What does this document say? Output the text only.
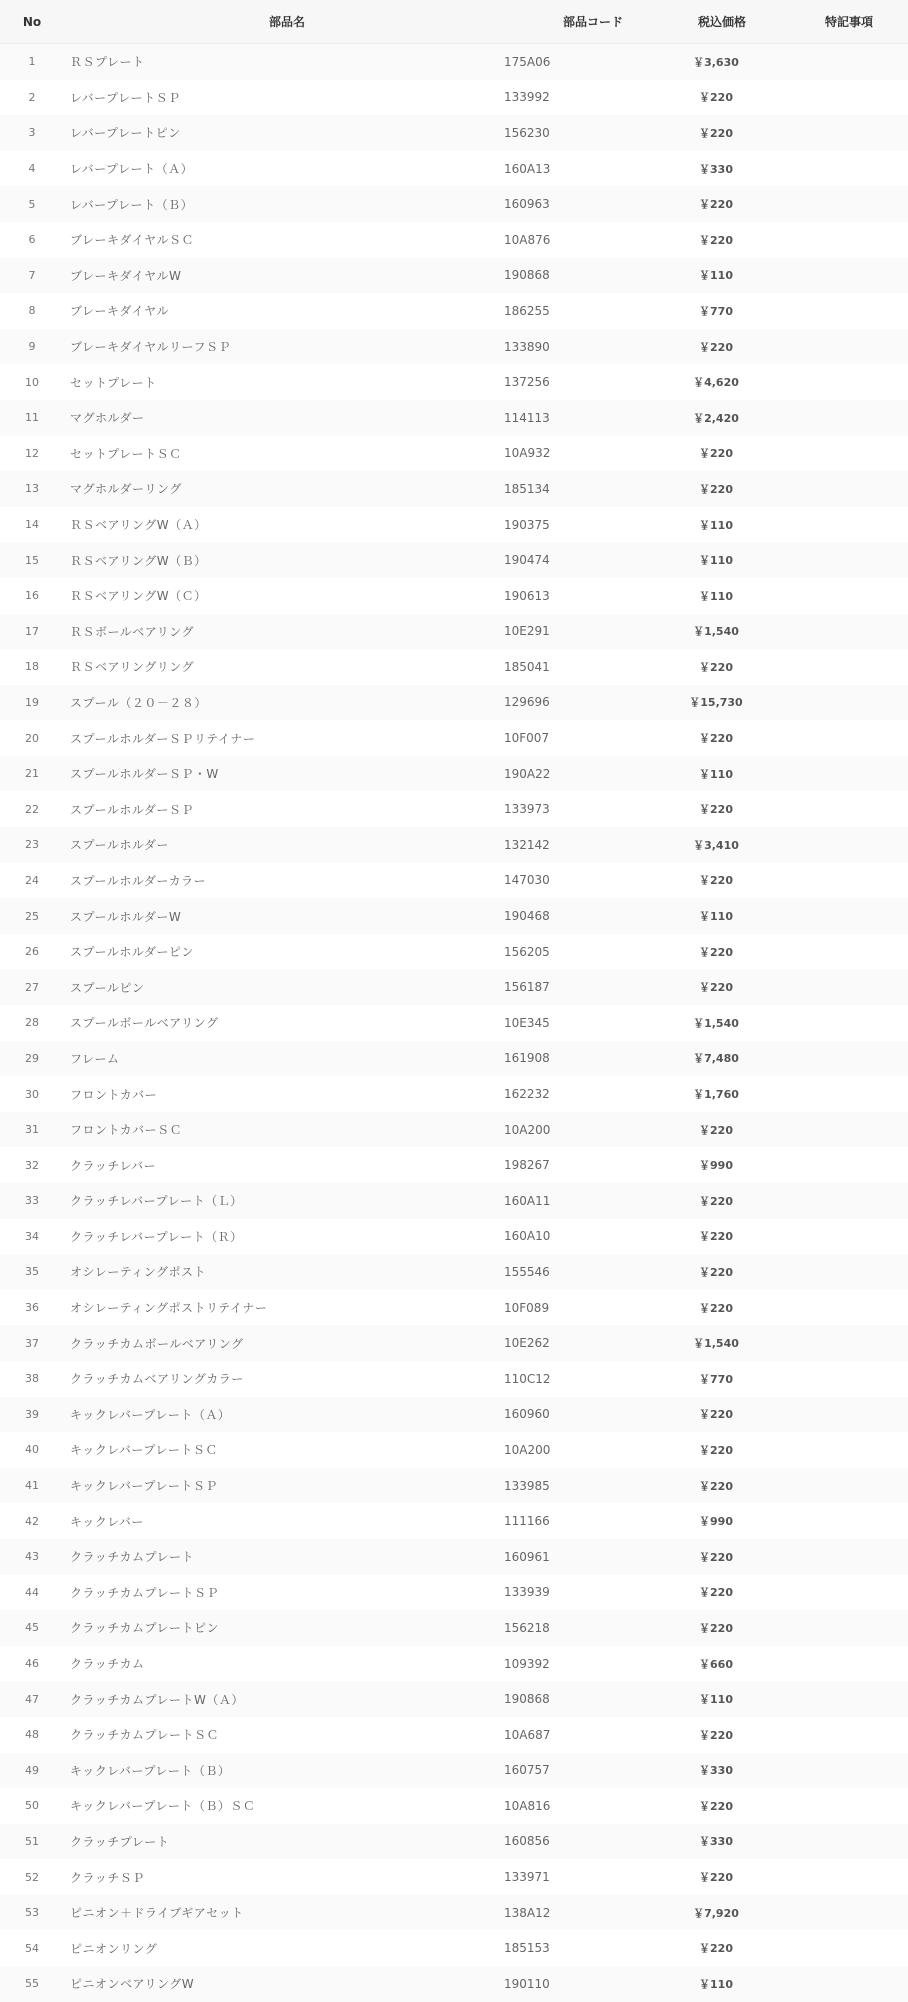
No	部品名	部品コード	税込価格	特記事項
1	ＲＳプレート	175A06	￥3,630
2	レバープレートＳＰ	133992	￥220
3	レバープレートピン	156230	￥220
4	レバープレート（Ａ）	160A13	￥330
5	レバープレート（Ｂ）	160963	￥220
6	ブレーキダイヤルＳＣ	10A876	￥220
7	ブレーキダイヤルW	190868	￥110
8	ブレーキダイヤル	186255	￥770
9	ブレーキダイヤルリーフＳＰ	133890	￥220
10	セットプレート	137256	￥4,620
11	マグホルダー	114113	￥2,420
12	セットプレートＳＣ	10A932	￥220
13	マグホルダーリング	185134	￥220
14	ＲＳベアリングW（Ａ）	190375	￥110
15	ＲＳベアリングW（Ｂ）	190474	￥110
16	ＲＳベアリングW（Ｃ）	190613	￥110
17	ＲＳボールベアリング	10E291	￥1,540
18	ＲＳベアリングリング	185041	￥220
19	スプール（２０－２８）	129696	￥15,730
20	スプールホルダーＳＰリテイナー	10F007	￥220
21	スプールホルダーＳＰ・W	190A22	￥110
22	スプールホルダーＳＰ	133973	￥220
23	スプールホルダー	132142	￥3,410
24	スプールホルダーカラー	147030	￥220
25	スプールホルダーW	190468	￥110
26	スプールホルダーピン	156205	￥220
27	スプールピン	156187	￥220
28	スプールボールベアリング	10E345	￥1,540
29	フレーム	161908	￥7,480
30	フロントカバー	162232	￥1,760
31	フロントカバーＳＣ	10A200	￥220
32	クラッチレバー	198267	￥990
33	クラッチレバープレート（Ｌ）	160A11	￥220
34	クラッチレバープレート（Ｒ）	160A10	￥220
35	オシレーティングポスト	155546	￥220
36	オシレーティングポストリテイナー	10F089	￥220
37	クラッチカムボールベアリング	10E262	￥1,540
38	クラッチカムベアリングカラー	110C12	￥770
39	キックレバープレート（Ａ）	160960	￥220
40	キックレバープレートＳＣ	10A200	￥220
41	キックレバープレートＳＰ	133985	￥220
42	キックレバー	111166	￥990
43	クラッチカムプレート	160961	￥220
44	クラッチカムプレートＳＰ	133939	￥220
45	クラッチカムプレートピン	156218	￥220
46	クラッチカム	109392	￥660
47	クラッチカムプレートW（Ａ）	190868	￥110
48	クラッチカムプレートＳＣ	10A687	￥220
49	キックレバープレート（Ｂ）	160757	￥330
50	キックレバープレート（Ｂ）ＳＣ	10A816	￥220
51	クラッチプレート	160856	￥330
52	クラッチＳＰ	133971	￥220
53	ピニオン＋ドライブギアセット	138A12	￥7,920
54	ピニオンリング	185153	￥220
55	ピニオンベアリングW	190110	￥110
